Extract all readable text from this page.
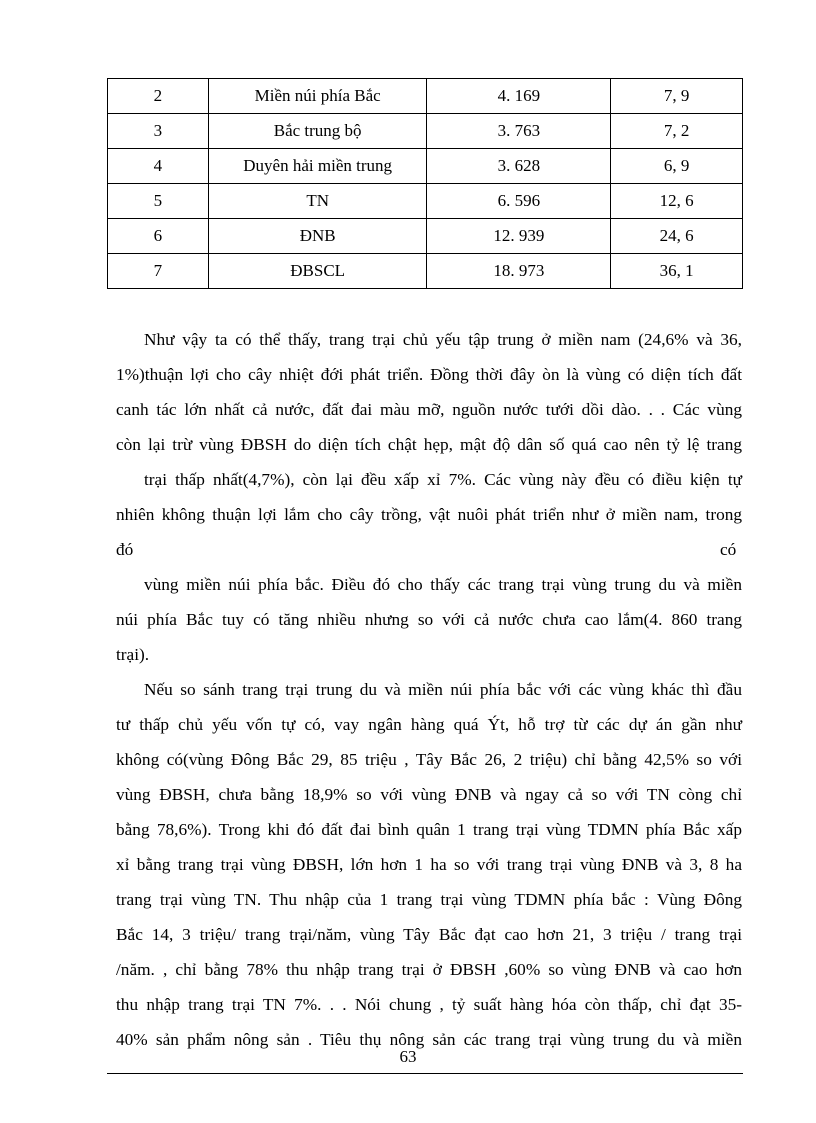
2	Miền núi phía Bắc	4. 169	7, 9
3	Bắc trung bộ	3. 763	7, 2
4	Duyên hải miền trung	3. 628	6, 9
5	TN	6. 596	12, 6
6	ĐNB	12. 939	24, 6
7	ĐBSCL	18. 973	36, 1
Như vậy ta có thể thấy, trang trại chủ yếu tập trung ở miền nam (24,6% và 36,
1%)thuận lợi cho cây nhiệt đới phát triển. Đồng thời đây òn là vùng có diện tích đất
canh tác lớn nhất cả nước, đất đai màu mỡ, nguồn nước tưới dồi dào. . . Các vùng
còn lại trừ vùng ĐBSH do diện tích chật hẹp, mật độ dân số quá cao nên tỷ lệ trang
trại thấp nhất(4,7%), còn lại đều xấp xỉ 7%. Các vùng này đều có điều kiện tự
nhiên không thuận lợi lắm cho cây trồng, vật nuôi phát triển như ở miền nam, trong
đó	có
vùng miền núi phía bắc. Điều đó cho thấy các trang trại vùng trung du và miền
núi phía Bắc tuy có tăng nhiều nhưng so với cả nước chưa cao lắm(4. 860 trang
trại).
Nếu so sánh trang trại trung du và miền núi phía bắc với các vùng khác thì đầu
tư thấp chủ yếu vốn tự có, vay ngân hàng quá Ýt, hỗ trợ từ các dự án gần như
không có(vùng Đông Bắc 29, 85 triệu , Tây Bắc 26, 2 triệu) chỉ bằng 42,5% so với
vùng ĐBSH, chưa bằng 18,9% so với vùng ĐNB và ngay cả so với TN còng chỉ
bằng 78,6%). Trong khi đó đất đai bình quân 1 trang trại vùng TDMN phía Bắc xấp
xỉ bằng trang trại vùng ĐBSH, lớn hơn 1 ha so với trang trại vùng ĐNB và 3, 8 ha
trang trại vùng TN. Thu nhập của 1 trang trại vùng TDMN phía bắc : Vùng Đông
Bắc 14, 3 triệu/ trang trại/năm, vùng Tây Bắc đạt cao hơn 21, 3 triệu / trang trại
/năm. , chỉ bằng 78% thu nhập trang trại ở ĐBSH ,60% so vùng ĐNB và cao hơn
thu nhập trang trại TN 7%. . . Nói chung , tỷ suất hàng hóa còn thấp, chỉ đạt 35-
40% sản phẩm nông sản . Tiêu thụ nông sản các trang trại vùng trung du và miền
63
